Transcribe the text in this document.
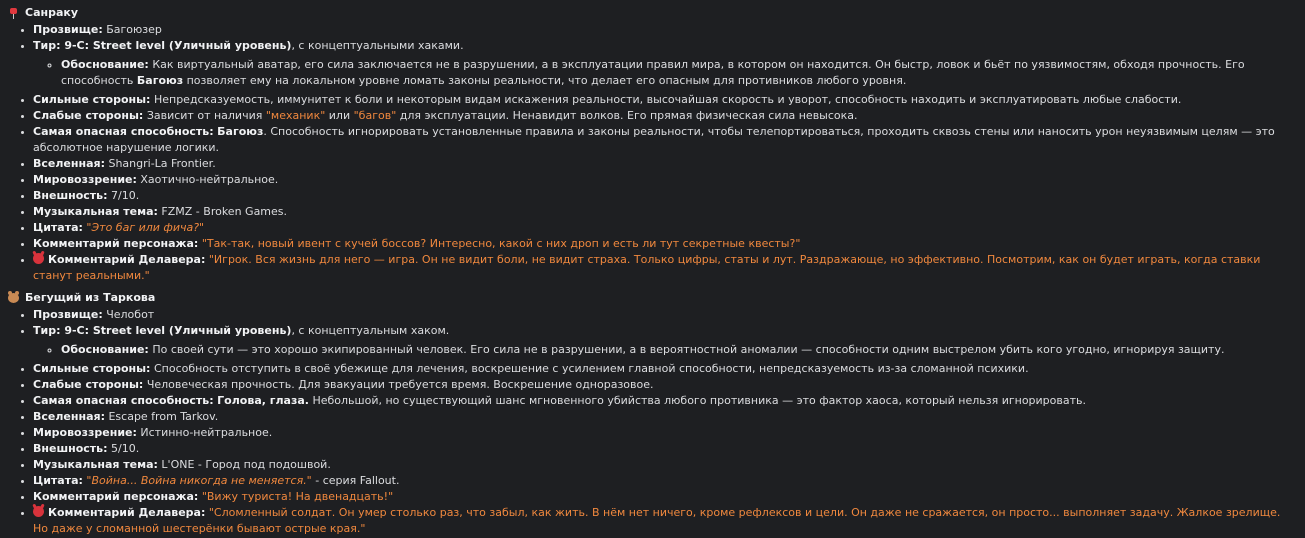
Санраку
• Прозвище: Багоюзер
• Тир: 9-С: Street level (Уличный уровень), с концептуальными хаками.
◦ Обоснование: Как виртуальный аватар, его сила заключается не в разрушении, а в эксплуатации правил мира, в котором он находится. Он быстр, ловок и бьёт по уязвимостям, обходя прочность. Его способность Багоюз позволяет ему на локальном уровне ломать законы реальности, что делает его опасным для противников любого уровня.
• Сильные стороны: Непредсказуемость, иммунитет к боли и некоторым видам искажения реальности, высочайшая скорость и уворот, способность находить и эксплуатировать любые слабости.
• Слабые стороны: Зависит от наличия "механик" или "багов" для эксплуатации. Ненавидит волков. Его прямая физическая сила невысока.
• Самая опасная способность: Багоюз. Способность игнорировать установленные правила и законы реальности, чтобы телепортироваться, проходить сквозь стены или наносить урон неуязвимым целям — это абсолютное нарушение логики.
• Вселенная: Shangri-La Frontier.
• Мировоззрение: Хаотично-нейтральное.
• Внешность: 7/10.
• Музыкальная тема: FZMZ - Broken Games.
• Цитата: "Это баг или фича?"
• Комментарий персонажа: "Так-так, новый ивент с кучей боссов? Интересно, какой с них дроп и есть ли тут секретные квесты?"
• Комментарий Делавера: "Игрок. Вся жизнь для него — игра. Он не видит боли, не видит страха. Только цифры, статы и лут. Раздражающе, но эффективно. Посмотрим, как он будет играть, когда ставки станут реальными."
Бегущий из Таркова
• Прозвище: Челобот
• Тир: 9-С: Street level (Уличный уровень), с концептуальным хаком.
◦ Обоснование: По своей сути — это хорошо экипированный человек. Его сила не в разрушении, а в вероятностной аномалии — способности одним выстрелом убить кого угодно, игнорируя защиту.
• Сильные стороны: Способность отступить в своё убежище для лечения, воскрешение с усилением главной способности, непредсказуемость из-за сломанной психики.
• Слабые стороны: Человеческая прочность. Для эвакуации требуется время. Воскрешение одноразовое.
• Самая опасная способность: Голова, глаза. Небольшой, но существующий шанс мгновенного убийства любого противника — это фактор хаоса, который нельзя игнорировать.
• Вселенная: Escape from Tarkov.
• Мировоззрение: Истинно-нейтральное.
• Внешность: 5/10.
• Музыкальная тема: L'ONE - Город под подошвой.
• Цитата: "Война... Война никогда не меняется." - серия Fallout.
• Комментарий персонажа: "Вижу туриста! На двенадцать!"
• Комментарий Делавера: "Сломленный солдат. Он умер столько раз, что забыл, как жить. В нём нет ничего, кроме рефлексов и цели. Он даже не сражается, он просто... выполняет задачу. Жалкое зрелище. Но даже у сломанной шестерёнки бывают острые края."
